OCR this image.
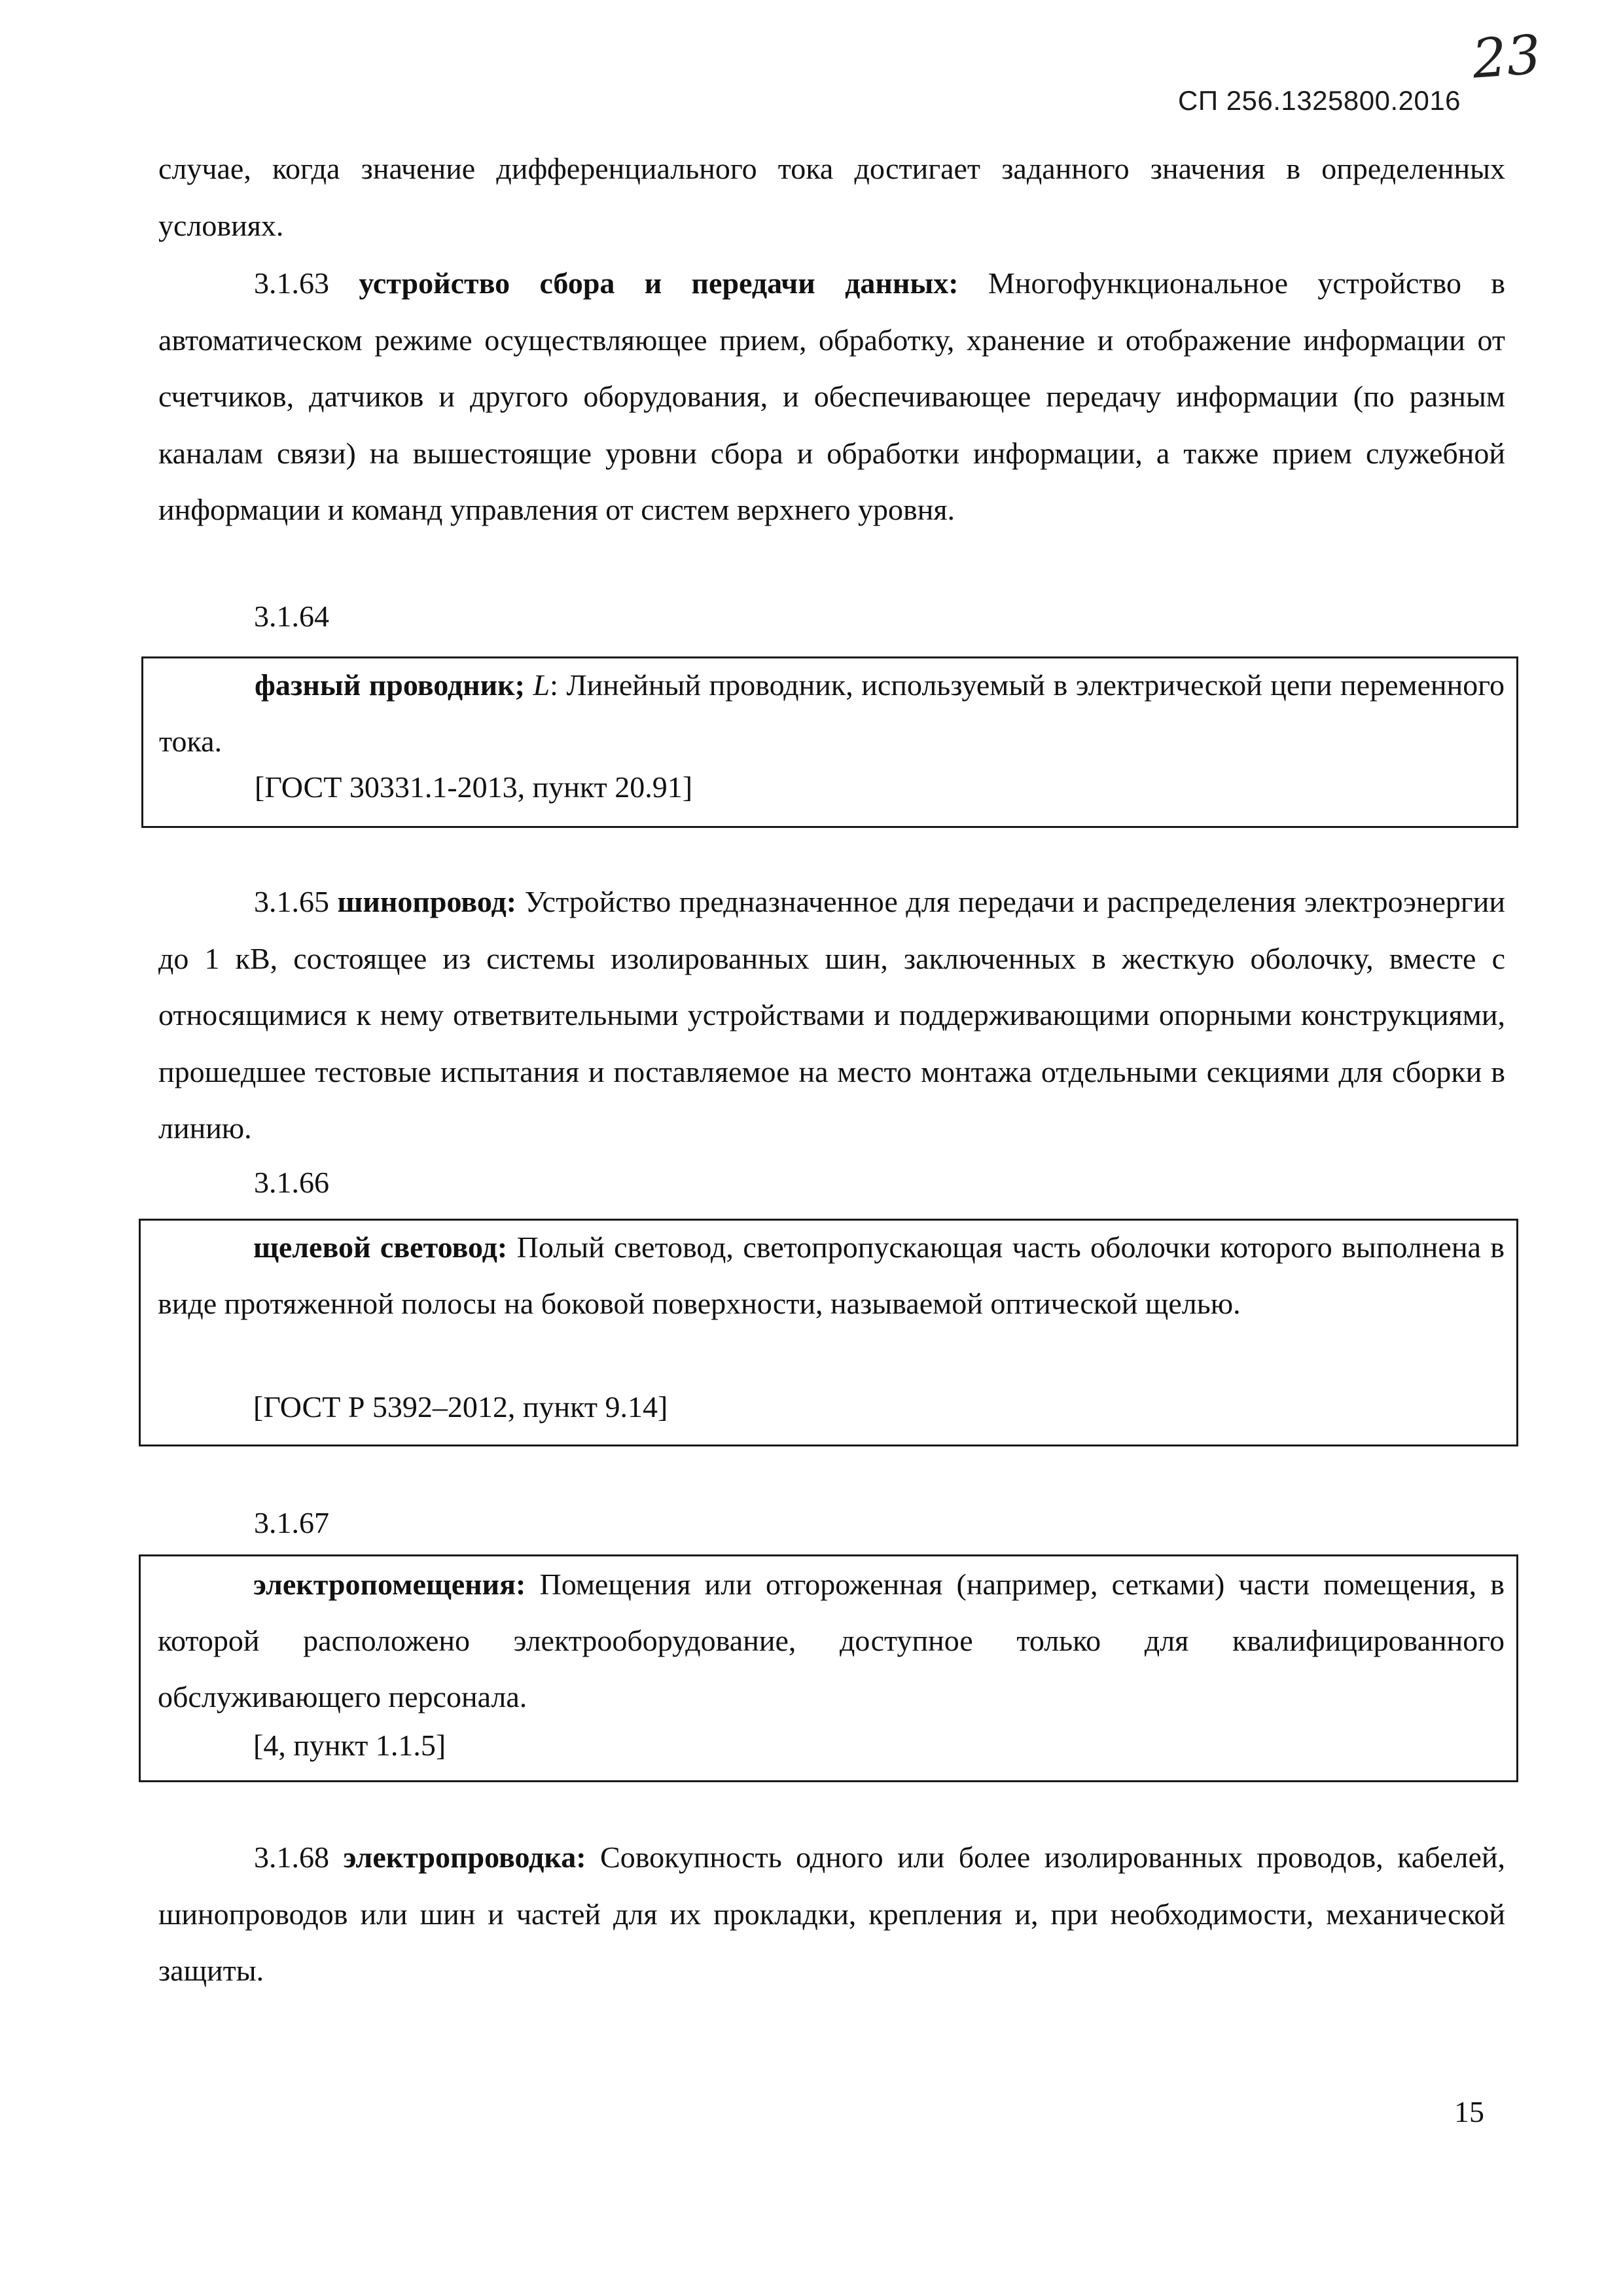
23
СП 256.1325800.2016
случае, когда значение дифференциального тока достигает заданного значения в определенных условиях.
3.1.63 устройство сбора и передачи данных: Многофункциональное устройство в автоматическом режиме осуществляющее прием, обработку, хранение и отображение информации от счетчиков, датчиков и другого оборудования, и обеспечивающее передачу информации (по разным каналам связи) на вышестоящие уровни сбора и обработки информации, а также прием служебной информации и команд управления от систем верхнего уровня.
3.1.64
фазный проводник; L: Линейный проводник, используемый в электрической цепи переменного тока.
[ГОСТ 30331.1-2013, пункт 20.91]
3.1.65 шинопровод: Устройство предназначенное для передачи и распределения электроэнергии до 1 кВ, состоящее из системы изолированных шин, заключенных в жесткую оболочку, вместе с относящимися к нему ответвительными устройствами и поддерживающими опорными конструкциями, прошедшее тестовые испытания и поставляемое на место монтажа отдельными секциями для сборки в линию.
3.1.66
щелевой световод: Полый световод, светопропускающая часть оболочки которого выполнена в виде протяженной полосы на боковой поверхности, называемой оптической щелью.
[ГОСТ Р 5392–2012, пункт 9.14]
3.1.67
электропомещения: Помещения или отгороженная (например, сетками) части помещения, в которой расположено электрооборудование, доступное только для квалифицированного обслуживающего персонала.
[4, пункт 1.1.5]
3.1.68 электропроводка: Совокупность одного или более изолированных проводов, кабелей, шинопроводов или шин и частей для их прокладки, крепления и, при необходимости, механической защиты.
15
